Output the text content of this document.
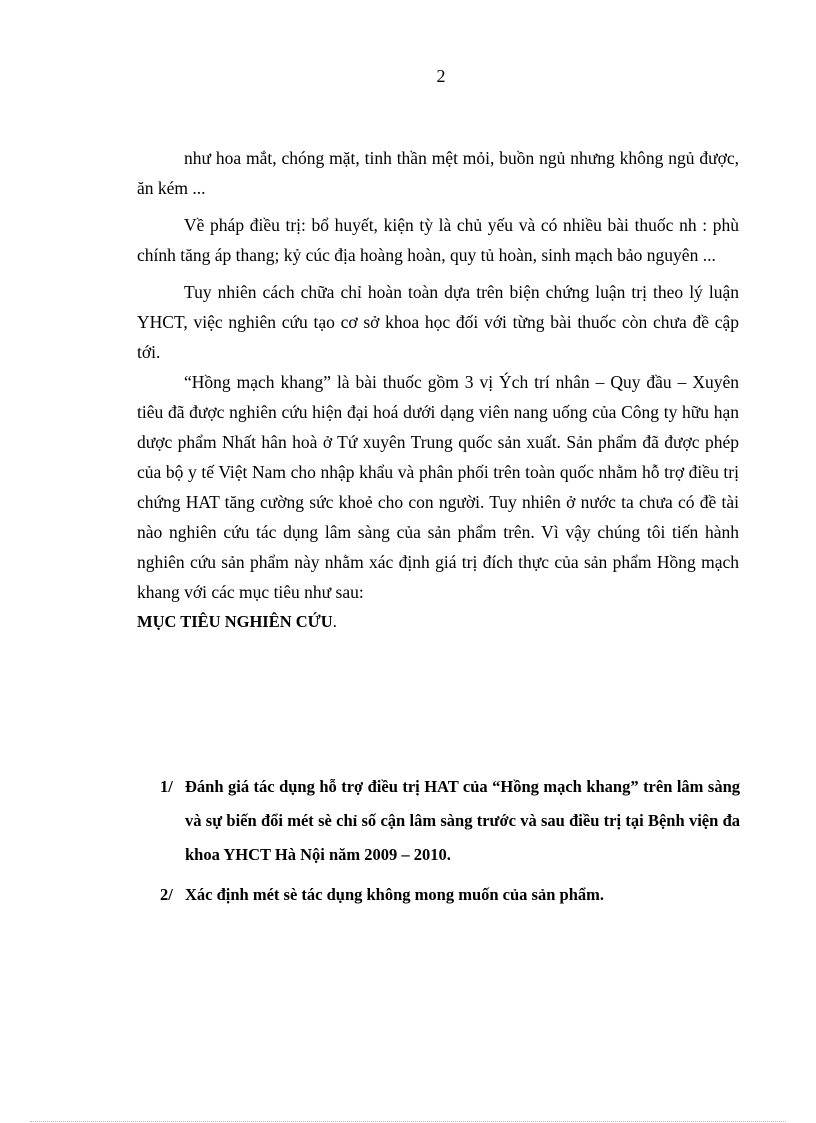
2

như hoa mắt, chóng mặt, tinh thần mệt mỏi, buồn ngủ nhưng không ngủ được, ăn kém ...

Về pháp điều trị: bổ huyết, kiện tỳ là chủ yếu và có nhiều bài thuốc nh : phù chính tăng áp thang; kỷ cúc địa hoàng hoàn, quy tủ hoàn, sinh mạch bảo nguyên ...

Tuy nhiên cách chữa chỉ hoàn toàn dựa trên biện chứng luận trị theo lý luận YHCT, việc nghiên cứu tạo cơ sở khoa học đối với từng bài thuốc còn chưa đề cập tới.

“Hồng mạch khang” là bài thuốc gồm 3 vị Ých trí nhân – Quy đầu – Xuyên tiêu đã được nghiên cứu hiện đại hoá dưới dạng viên nang uống của Công ty hữu hạn dược phẩm Nhất hân hoà ở Tứ xuyên Trung quốc sản xuất. Sản phẩm đã được phép của bộ y tế Việt Nam cho nhập khẩu và phân phối trên toàn quốc nhằm hỗ trợ điều trị chứng HAT tăng cường sức khoẻ cho con người. Tuy nhiên ở nước ta chưa có đề tài nào nghiên cứu tác dụng lâm sàng của sản phẩm trên. Vì vậy chúng tôi tiến hành nghiên cứu sản phẩm này nhằm xác định giá trị đích thực của sản phẩm Hồng mạch khang với các mục tiêu như sau:

MỤC TIÊU NGHIÊN CỨU.

1/ Đánh giá tác dụng hỗ trợ điều trị HAT của “Hồng mạch khang” trên lâm sàng và sự biến đổi mét sè chỉ số cận lâm sàng trước và sau điều trị tại Bệnh viện đa khoa YHCT Hà Nội năm 2009 – 2010.
2/ Xác định mét sè tác dụng không mong muốn của sản phẩm.
